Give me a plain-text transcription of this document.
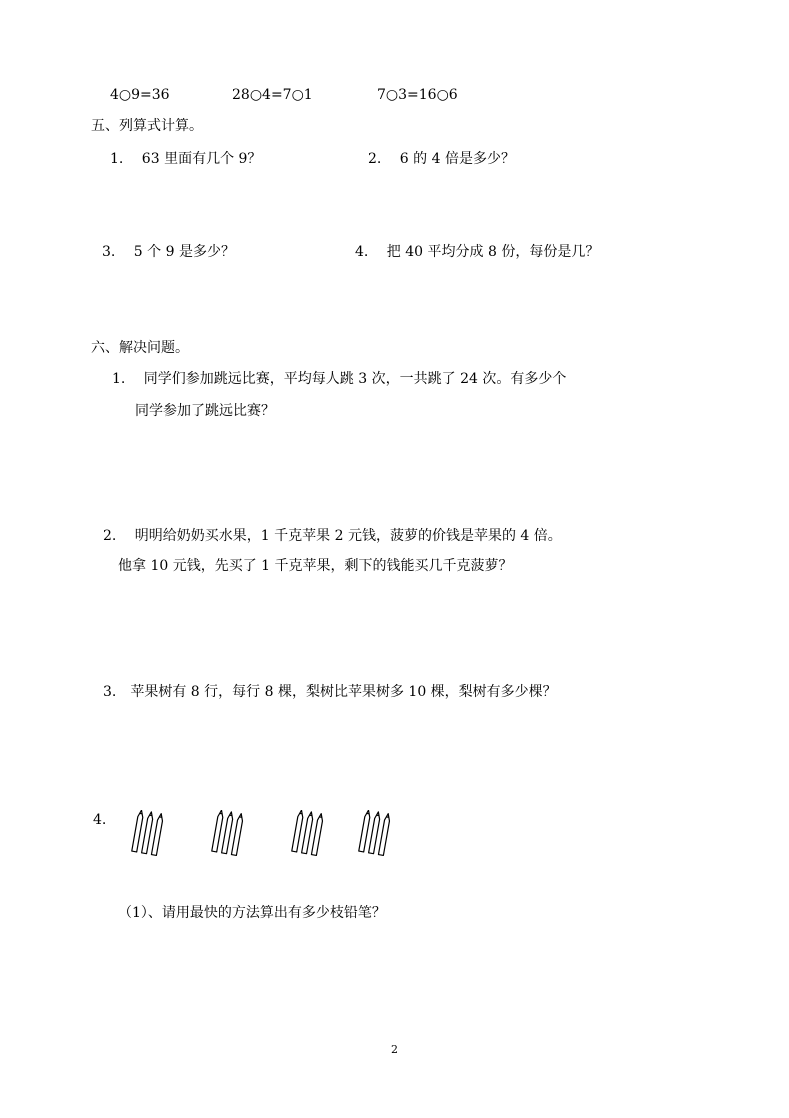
4○9=36	28○4=7○1	7○3=16○6
五、列算式计算。
1.　 63 里面有几个 9？	2.　 6 的 4 倍是多少？
3.　 5 个 9 是多少？	4.　 把 40 平均分成 8 份，每份是几？
六、解决问题。
1.　 同学们参加跳远比赛，平均每人跳 3 次，一共跳了 24 次。有多少个
同学参加了跳远比赛？
2.　 明明给奶奶买水果，1 千克苹果 2 元钱，菠萝的价钱是苹果的 4 倍。
他拿 10 元钱，先买了 1 千克苹果，剩下的钱能买几千克菠萝？
3.　苹果树有 8 行，每行 8 棵，梨树比苹果树多 10 棵，梨树有多少棵？
4.
（1）、请用最快的方法算出有多少枝铅笔？
2
